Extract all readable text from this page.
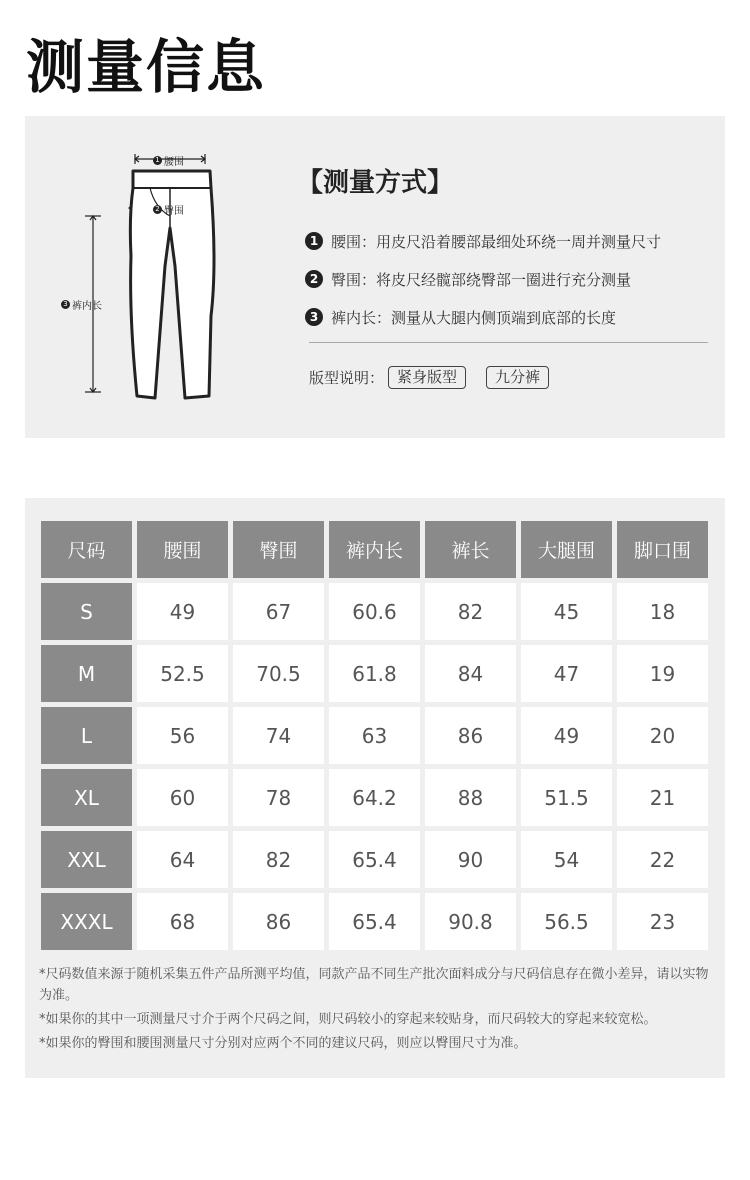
测量信息
1 腰围
2 臀围
3 裤内长
【测量方式】
1 腰围：用皮尺沿着腰部最细处环绕一周并测量尺寸
2 臀围：将皮尺经髋部绕臀部一圈进行充分测量
3 裤内长：测量从大腿内侧顶端到底部的长度
版型说明： 紧身版型	九分裤
尺码	腰围	臀围	裤内长	裤长	大腿围	脚口围
S	49	67	60.6	82	45	18
M	52.5	70.5	61.8	84	47	19
L	56	74	63	86	49	20
XL	60	78	64.2	88	51.5	21
XXL	64	82	65.4	90	54	22
XXXL	68	86	65.4	90.8	56.5	23

*尺码数值来源于随机采集五件产品所测平均值，同款产品不同生产批次面料成分与尺码信息存在微小差异，请以实物为准。

*如果你的其中一项测量尺寸介于两个尺码之间，则尺码较小的穿起来较贴身，而尺码较大的穿起来较宽松。

*如果你的臀围和腰围测量尺寸分别对应两个不同的建议尺码，则应以臀围尺寸为准。
